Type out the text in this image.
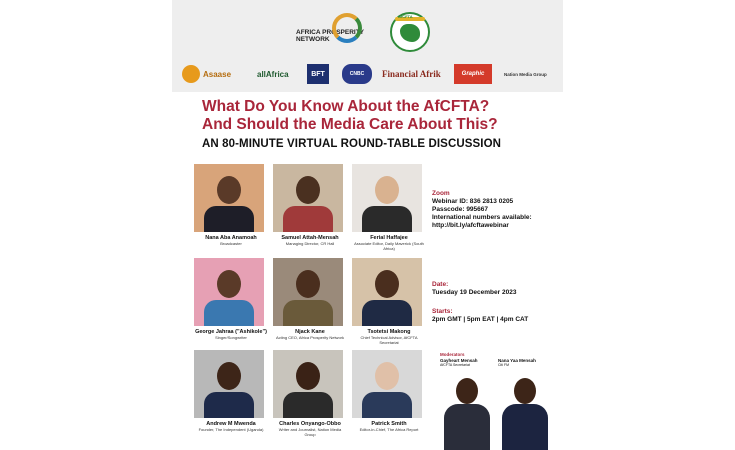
AFRICA PROSPERITY NETWORK
AfCFTA
Asaase	allAfrica	BFT	CNBC	Financial Afrik	Graphic	Nation Media Group
What Do You Know About the AfCFTA?
And Should the Media Care About This?
AN 80-MINUTE VIRTUAL ROUND-TABLE DISCUSSION
Nana Aba Anamoah
Broadcaster
Samuel Attah-Mensah
Managing Director, CR Hall
Ferial Haffajee
Associate Editor, Daily Maverick (South Africa)
George Jahraa ("Ashikole")
Singer/Songwriter
Njack Kane
Acting CEO, Africa Prosperity Network
Tsotetsi Makong
Chief Technical Advisor, AfCFTA Secretariat
Andrew M Mwenda
Founder, The Independent (Uganda)
Charles Onyango-Obbo
Writer and Journalist, Nation Media Group
Patrick Smith
Editor-in-Chief, The Africa Report
Zoom
Webinar ID: 836 2813 0205
Passcode: 995667
International numbers available:
http://bit.ly/afcftawebinar
Date:
Tuesday 19 December 2023
Starts:
2pm GMT | 5pm EAT | 4pm CAT
Moderators
Gayheart Mensah
AfCFTA Secretariat
Nana Yaa Mensah
Citi FM
